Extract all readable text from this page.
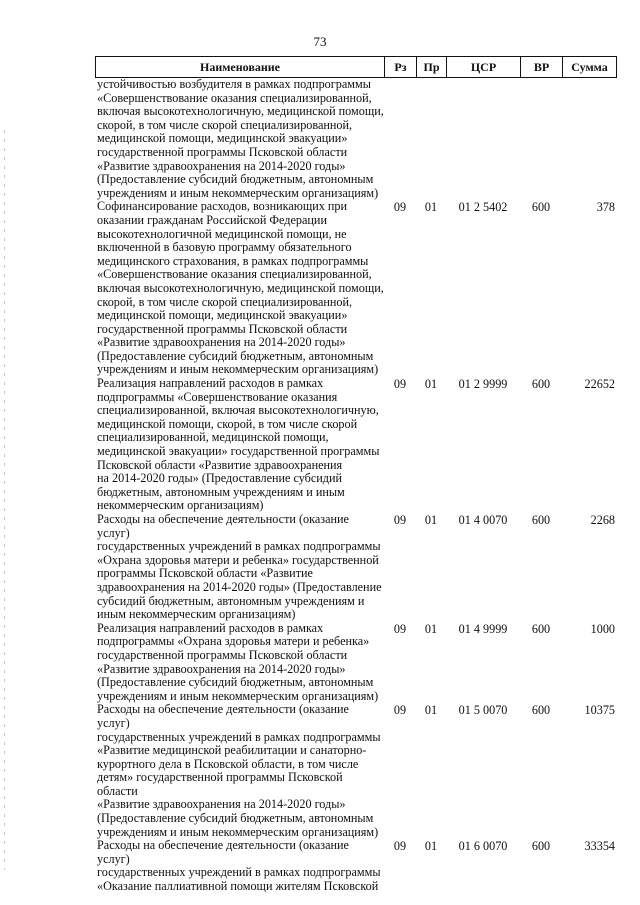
73
Наименование	Рз	Пр	ЦСР	ВР	Сумма
устойчивостью возбудителя в рамках подпрограммы
«Совершенствование оказания специализированной,
включая высокотехнологичную, медицинской помощи,
скорой, в том числе скорой специализированной,
медицинской помощи, медицинской эвакуации»
государственной программы Псковской области
«Развитие здравоохранения на 2014-2020 годы»
(Предоставление субсидий бюджетным, автономным
учреждениям и иным некоммерческим организациям)
Софинансирование расходов, возникающих при
оказании гражданам Российской Федерации
высокотехнологичной медицинской помощи, не
включенной в базовую программу обязательного
медицинского страхования, в рамках подпрограммы
«Совершенствование оказания специализированной,
включая высокотехнологичную, медицинской помощи,
скорой, в том числе скорой специализированной,
медицинской помощи, медицинской эвакуации»
государственной программы Псковской области
«Развитие здравоохранения на 2014-2020 годы»
(Предоставление субсидий бюджетным, автономным
учреждениям и иным некоммерческим организациям)
09	01	01 2 5402	600	378
Реализация направлений расходов в рамках
подпрограммы «Совершенствование оказания
специализированной, включая высокотехнологичную,
медицинской помощи, скорой, в том числе скорой
специализированной, медицинской помощи,
медицинской эвакуации» государственной программы
Псковской области «Развитие здравоохранения
на 2014-2020 годы» (Предоставление субсидий
бюджетным, автономным учреждениям и иным
некоммерческим организациям)
09	01	01 2 9999	600	22652
Расходы на обеспечение деятельности (оказание услуг)
государственных учреждений в рамках подпрограммы
«Охрана здоровья матери и ребенка» государственной
программы Псковской области «Развитие
здравоохранения на 2014-2020 годы» (Предоставление
субсидий бюджетным, автономным учреждениям и
иным некоммерческим организациям)
09	01	01 4 0070	600	2268
Реализация направлений расходов в рамках
подпрограммы «Охрана здоровья матери и ребенка»
государственной программы Псковской области
«Развитие здравоохранения на 2014-2020 годы»
(Предоставление субсидий бюджетным, автономным
учреждениям и иным некоммерческим организациям)
09	01	01 4 9999	600	1000
Расходы на обеспечение деятельности (оказание услуг)
государственных учреждений в рамках подпрограммы
«Развитие медицинской реабилитации и санаторно-
курортного дела в Псковской области, в том числе
детям» государственной программы Псковской области
«Развитие здравоохранения на 2014-2020 годы»
(Предоставление субсидий бюджетным, автономным
учреждениям и иным некоммерческим организациям)
09	01	01 5 0070	600	10375
Расходы на обеспечение деятельности (оказание услуг)
государственных учреждений в рамках подпрограммы
«Оказание паллиативной помощи жителям Псковской
09	01	01 6 0070	600	33354
